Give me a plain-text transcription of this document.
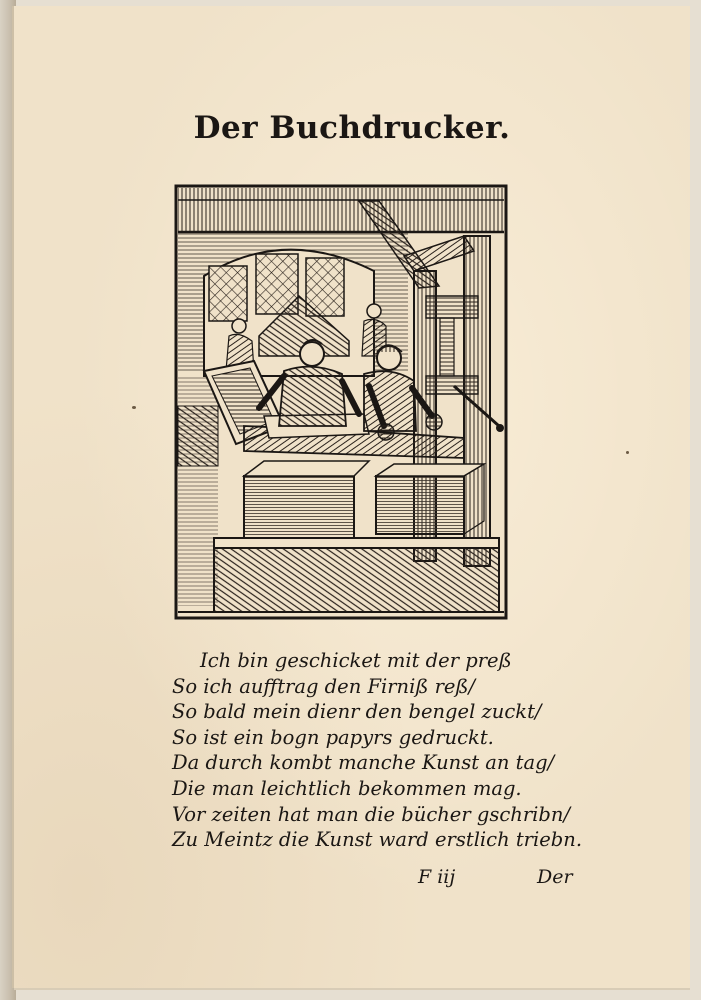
Der Buchdrucker.
Ich bin geschicket mit der preß
So ich aufftrag den Firniß reß/
So bald mein dienr den bengel zuckt/
So ist ein bogn papyrs gedruckt.
Da durch kombt manche Kunst an tag/
Die man leichtlich bekommen mag.
Vor zeiten hat man die bücher gschribn/
Zu Meintz die Kunst ward erstlich triebn.
F iij	Der
